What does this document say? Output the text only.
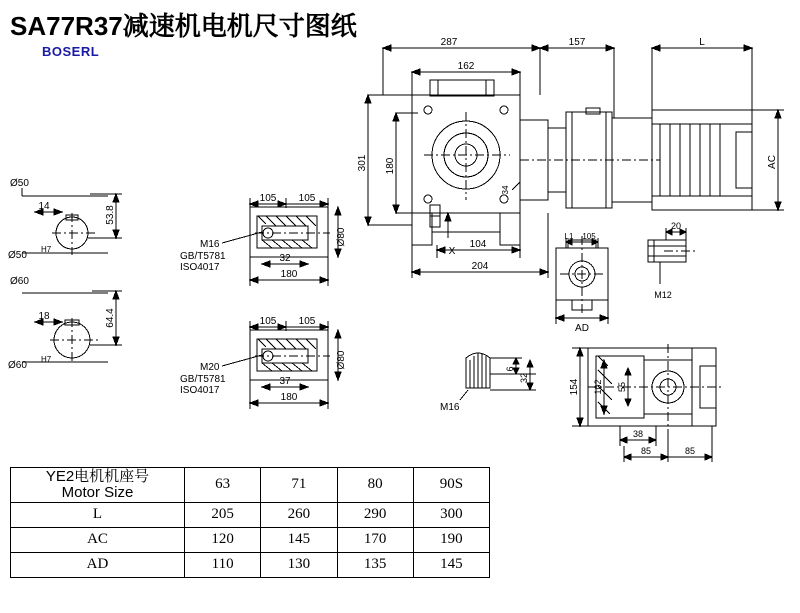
SA77R37减速机电机尺寸图纸
BOSERL
287	157	L
162
301 180
34
AC
104
204
X
Ø50
Ø50
H7
14	53.8
Ø60
Ø60
H7
18	64.4
105 105
32
180
Ø80
M16
GB/T5781
ISO4017
105 105
37
180
Ø80
M20
GB/T5781
ISO4017
M16
6
32
L1 105
AD
20
M12
154 102 55
38
85	85
YE2电机机座号
Motor Size	63	71	80	90S
L	205	260	290	300
AC	120	145	170	190
AD	110	130	135	145
